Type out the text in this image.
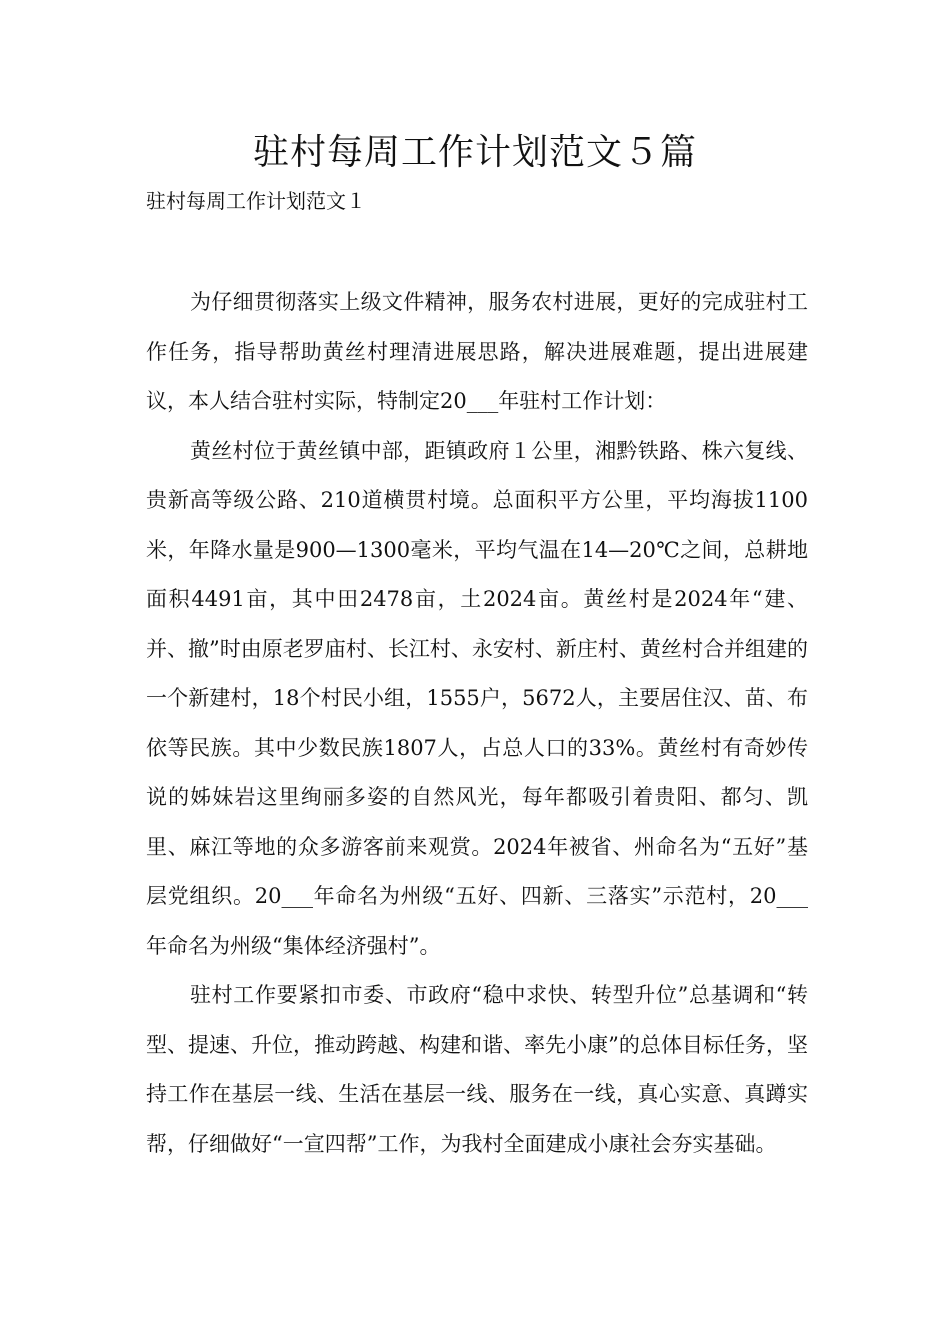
驻村每周工作计划范文５篇
驻村每周工作计划范文１

为仔细贯彻落实上级文件精神，服务农村进展，更好的完成驻村工作任务，指导帮助黄丝村理清进展思路，解决进展难题，提出进展建议，本人结合驻村实际，特制定20___年驻村工作计划：

黄丝村位于黄丝镇中部，距镇政府１公里，湘黔铁路、株六复线、贵新高等级公路、210道横贯村境。总面积平方公里，平均海拔1100米，年降水量是900—1300毫米，平均气温在14—20℃之间，总耕地面积4491亩，其中田2478亩，土2024亩。黄丝村是2024年“建、并、撤”时由原老罗庙村、长江村、永安村、新庄村、黄丝村合并组建的一个新建村，18个村民小组，1555户，5672人，主要居住汉、苗、布依等民族。其中少数民族1807人，占总人口的33%。黄丝村有奇妙传说的姊妹岩这里绚丽多姿的自然风光，每年都吸引着贵阳、都匀、凯里、麻江等地的众多游客前来观赏。2024年被省、州命名为“五好”基层党组织。20___年命名为州级“五好、四新、三落实”示范村，20___年命名为州级“集体经济强村”。

驻村工作要紧扣市委、市政府“稳中求快、转型升位”总基调和“转型、提速、升位，推动跨越、构建和谐、率先小康”的总体目标任务，坚持工作在基层一线、生活在基层一线、服务在一线，真心实意、真蹲实帮，仔细做好“一宣四帮”工作，为我村全面建成小康社会夯实基础。
